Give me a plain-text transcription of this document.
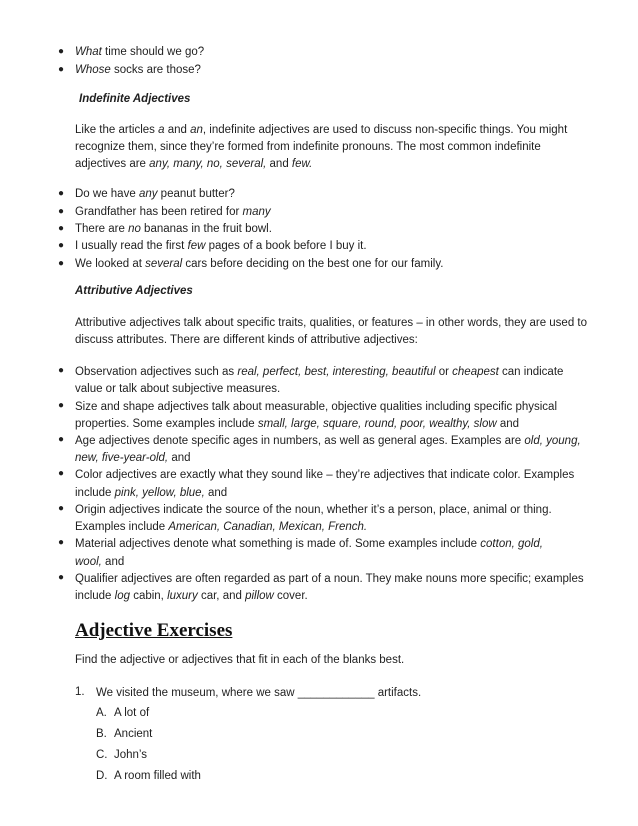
● What time should we go?
● Whose socks are those?
Indefinite Adjectives
Like the articles a and an, indefinite adjectives are used to discuss non-specific things. You might
recognize them, since they’re formed from indefinite pronouns. The most common indefinite
adjectives are any, many, no, several, and few.
● Do we have any peanut butter?
● Grandfather has been retired for many
● There are no bananas in the fruit bowl.
● I usually read the first few pages of a book before I buy it.
● We looked at several cars before deciding on the best one for our family.
Attributive Adjectives
Attributive adjectives talk about specific traits, qualities, or features – in other words, they are used to
discuss attributes. There are different kinds of attributive adjectives:
● Observation adjectives such as real, perfect, best, interesting, beautiful or cheapest can indicate
value or talk about subjective measures.
● Size and shape adjectives talk about measurable, objective qualities including specific physical
properties. Some examples include small, large, square, round, poor, wealthy, slow and
● Age adjectives denote specific ages in numbers, as well as general ages. Examples are old, young,
new, five-year-old, and
● Color adjectives are exactly what they sound like – they’re adjectives that indicate color. Examples
include pink, yellow, blue, and
● Origin adjectives indicate the source of the noun, whether it’s a person, place, animal or thing.
Examples include American, Canadian, Mexican, French.
● Material adjectives denote what something is made of. Some examples include cotton, gold,
wool, and
● Qualifier adjectives are often regarded as part of a noun. They make nouns more specific; examples
include log cabin, luxury car, and pillow cover.
Adjective Exercises
Find the adjective or adjectives that fit in each of the blanks best.
1. We visited the museum, where we saw ____________ artifacts.
A. A lot of
B. Ancient
C. John’s
D. A room filled with
